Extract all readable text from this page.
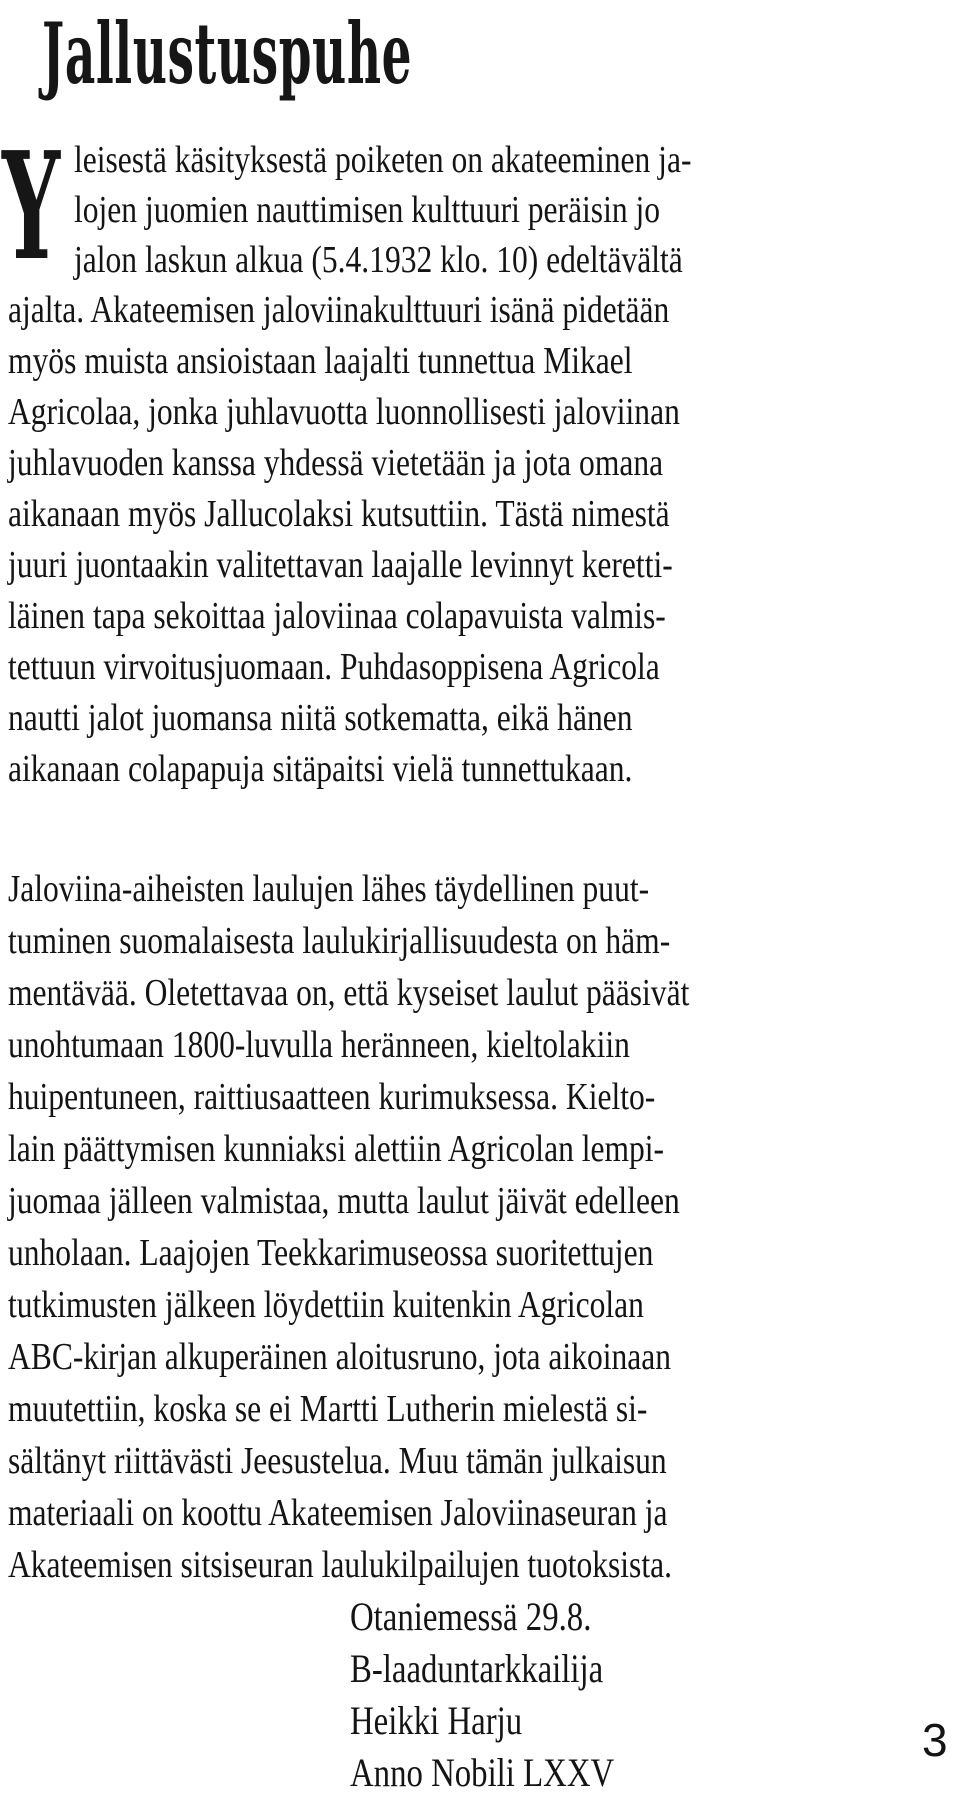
Jallustuspuhe
Y leisestä käsityksestä poiketen on akateeminen ja-

lojen juomien nauttimisen kulttuuri peräisin jo

jalon laskun alkua (5.4.1932 klo. 10) edeltävältä

ajalta. Akateemisen jaloviinakulttuuri isänä pidetään

myös muista ansioistaan laajalti tunnettua Mikael

Agricolaa, jonka juhlavuotta luonnollisesti jaloviinan

juhlavuoden kanssa yhdessä vietetään ja jota omana

aikanaan myös Jallucolaksi kutsuttiin. Tästä nimestä

juuri juontaakin valitettavan laajalle levinnyt keretti-

läinen tapa sekoittaa jaloviinaa colapavuista valmis-

tettuun virvoitusjuomaan. Puhdasoppisena Agricola

nautti jalot juomansa niitä sotkematta, eikä hänen

aikanaan colapapuja sitäpaitsi vielä tunnettukaan.

Jaloviina-aiheisten laulujen lähes täydellinen puut-

tuminen suomalaisesta laulukirjallisuudesta on häm-

mentävää. Oletettavaa on, että kyseiset laulut pääsivät

unohtumaan 1800-luvulla heränneen, kieltolakiin

huipentuneen, raittiusaatteen kurimuksessa. Kielto-

lain päättymisen kunniaksi alettiin Agricolan lempi-

juomaa jälleen valmistaa, mutta laulut jäivät edelleen

unholaan. Laajojen Teekkarimuseossa suoritettujen

tutkimusten jälkeen löydettiin kuitenkin Agricolan

ABC-kirjan alkuperäinen aloitusruno, jota aikoinaan

muutettiin, koska se ei Martti Lutherin mielestä si-

sältänyt riittävästi Jeesustelua. Muu tämän julkaisun

materiaali on koottu Akateemisen Jaloviinaseuran ja

Akateemisen sitsiseuran laulukilpailujen tuotoksista.

Otaniemessä 29.8.

B-laaduntarkkailija

Heikki Harju

Anno Nobili LXXV

3
